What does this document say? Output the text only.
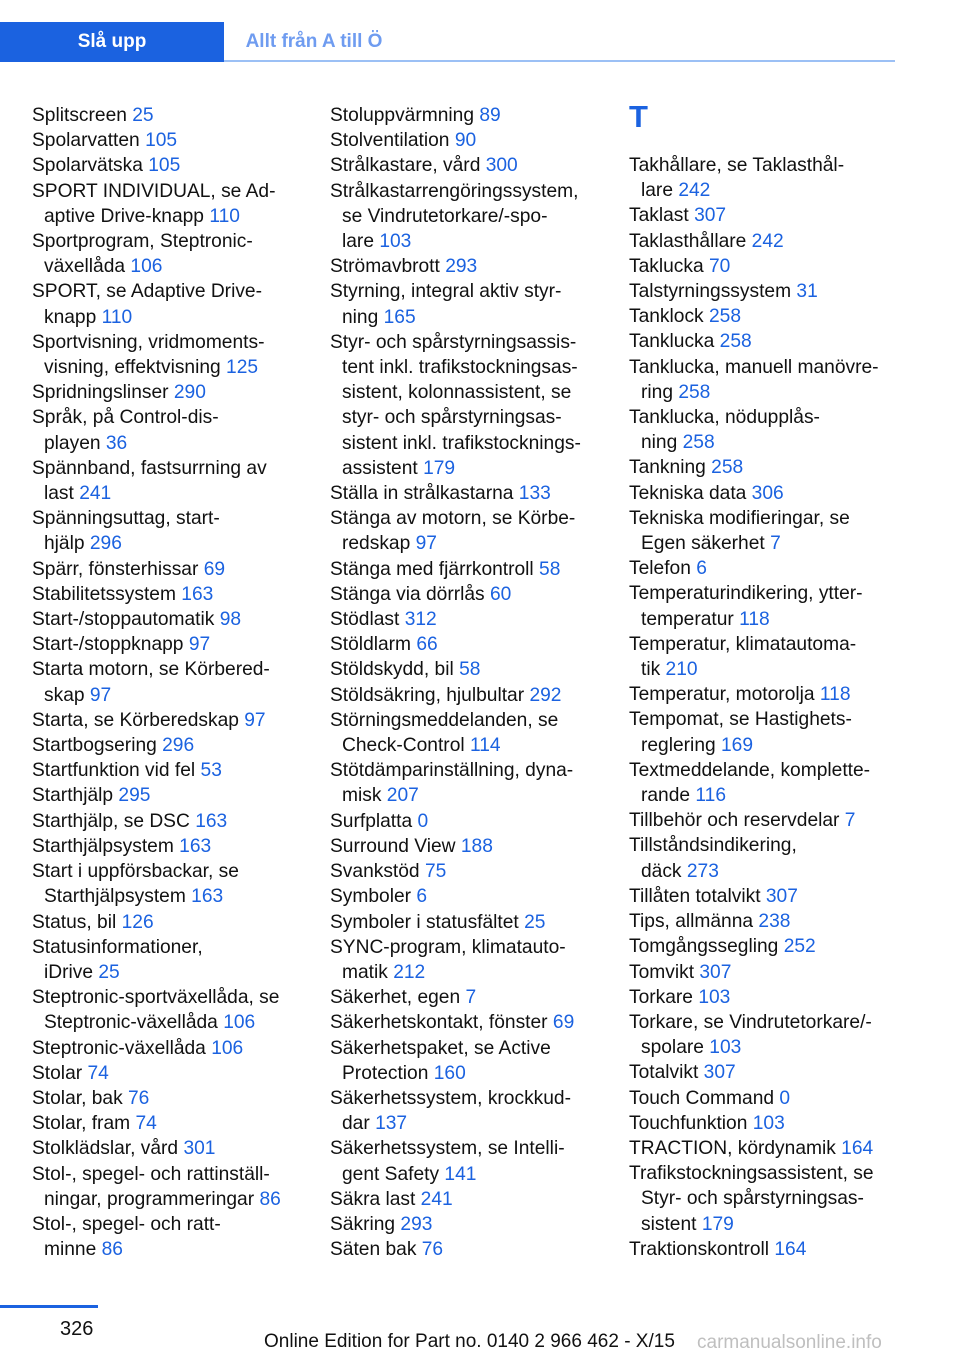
Slå upp	Allt från A till Ö
Splitscreen 25
Spolarvatten 105
Spolarvätska 105
SPORT INDIVIDUAL, se Ad‐
aptive Drive-knapp 110
Sportprogram, Steptronic-
växellåda 106
SPORT, se Adaptive Drive-
knapp 110
Sportvisning, vridmoments‐
visning, effektvisning 125
Spridningslinser 290
Språk, på Control-dis‐
playen 36
Spännband, fastsurrning av
last 241
Spänningsuttag, start‐
hjälp 296
Spärr, fönsterhissar 69
Stabilitetssystem 163
Start-/stoppautomatik 98
Start-/stoppknapp 97
Starta motorn, se Körbered‐
skap 97
Starta, se Körberedskap 97
Startbogsering 296
Startfunktion vid fel 53
Starthjälp 295
Starthjälp, se DSC 163
Starthjälpsystem 163
Start i uppförsbackar, se
Starthjälpsystem 163
Status, bil 126
Statusinformationer,
iDrive 25
Steptronic-sportväxellåda, se
Steptronic-växellåda 106
Steptronic-växellåda 106
Stolar 74
Stolar, bak 76
Stolar, fram 74
Stolklädslar, vård 301
Stol-, spegel- och rattinställ‐
ningar, programmeringar 86
Stol-, spegel- och ratt‐
minne 86
Stoluppvärmning 89
Stolventilation 90
Strålkastare, vård 300
Strålkastarrengöringssystem,
se Vindrutetorkare/-spo‐
lare 103
Strömavbrott 293
Styrning, integral aktiv styr‐
ning 165
Styr- och spårstyrningsassis‐
tent inkl. trafikstockningsas‐
sistent, kolonnassistent, se
styr- och spårstyrningsas‐
sistent inkl. trafikstocknings‐
assistent 179
Ställa in strålkastarna 133
Stänga av motorn, se Körbe‐
redskap 97
Stänga med fjärrkontroll 58
Stänga via dörrlås 60
Stödlast 312
Stöldlarm 66
Stöldskydd, bil 58
Stöldsäkring, hjulbultar 292
Störningsmeddelanden, se
Check-Control 114
Stötdämparinställning, dyna‐
misk 207
Surfplatta 0
Surround View 188
Svankstöd 75
Symboler 6
Symboler i statusfältet 25
SYNC-program, klimatauto‐
matik 212
Säkerhet, egen 7
Säkerhetskontakt, fönster 69
Säkerhetspaket, se Active
Protection 160
Säkerhetssystem, krockkud‐
dar 137
Säkerhetssystem, se Intelli‐
gent Safety 141
Säkra last 241
Säkring 293
Säten bak 76
T
Takhållare, se Taklasthål‐
lare 242
Taklast 307
Taklasthållare 242
Taklucka 70
Talstyrningssystem 31
Tanklock 258
Tanklucka 258
Tanklucka, manuell manövre‐
ring 258
Tanklucka, nödupplås‐
ning 258
Tankning 258
Tekniska data 306
Tekniska modifieringar, se
Egen säkerhet 7
Telefon 6
Temperaturindikering, ytter‐
temperatur 118
Temperatur, klimatautoma‐
tik 210
Temperatur, motorolja 118
Tempomat, se Hastighets‐
reglering 169
Textmeddelande, komplette‐
rande 116
Tillbehör och reservdelar 7
Tillståndsindikering,
däck 273
Tillåten totalvikt 307
Tips, allmänna 238
Tomgångssegling 252
Tomvikt 307
Torkare 103
Torkare, se Vindrutetorkare/-
spolare 103
Totalvikt 307
Touch Command 0
Touchfunktion 103
TRACTION, kördynamik 164
Trafikstockningsassistent, se
Styr- och spårstyrningsas‐
sistent 179
Traktionskontroll 164
326
Online Edition for Part no. 0140 2 966 462 - X/15 carmanualsonline.info
